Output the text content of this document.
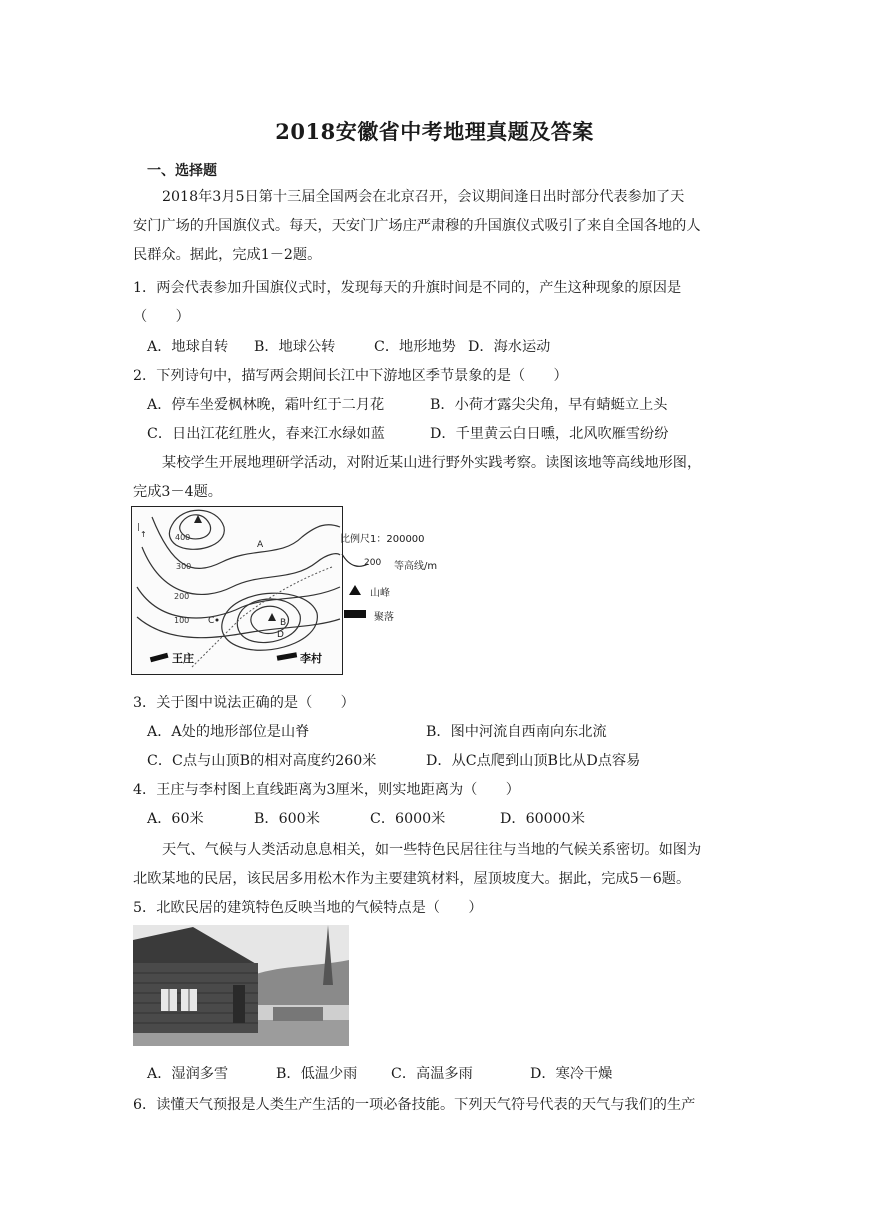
2018安徽省中考地理真题及答案
一、选择题
2018年3月5日第十三届全国两会在北京召开，会议期间逢日出时部分代表参加了天
安门广场的升国旗仪式。每天，天安门广场庄严肃穆的升国旗仪式吸引了来自全国各地的人
民群众。据此，完成1－2题。
1．两会代表参加升国旗仪式时，发现每天的升旗时间是不同的，产生这种现象的原因是
（　　）
A．地球自转 B．地球公转	C．地形地势 D．海水运动
2．下列诗句中，描写两会期间长江中下游地区季节景象的是（　　）
A．停车坐爱枫林晚，霜叶红于二月花	B．小荷才露尖尖角，早有蜻蜓立上头
C．日出江花红胜火，春来江水绿如蓝	D．千里黄云白日曛，北风吹雁雪纷纷
某校学生开展地理研学活动，对附近某山进行野外实践考察。读图该地等高线地形图，
完成3－4题。
↑
|
400
300
200
100
A
B
C
D
王庄	李村
比例尺1：200000
200 等高线/m
山峰
聚落
3．关于图中说法正确的是（　　）
A．A处的地形部位是山脊	B．图中河流自西南向东北流
C．C点与山顶B的相对高度约260米	D．从C点爬到山顶B比从D点容易
4．王庄与李村图上直线距离为3厘米，则实地距离为（　　）
A．60米	B．600米	C．6000米	D．60000米
天气、气候与人类活动息息相关，如一些特色民居往往与当地的气候关系密切。如图为
北欧某地的民居，该民居多用松木作为主要建筑材料，屋顶坡度大。据此，完成5－6题。
5．北欧民居的建筑特色反映当地的气候特点是（　　）
A．湿润多雪	B．低温少雨 C．高温多雨	D．寒冷干燥
6．读懂天气预报是人类生产生活的一项必备技能。下列天气符号代表的天气与我们的生产
